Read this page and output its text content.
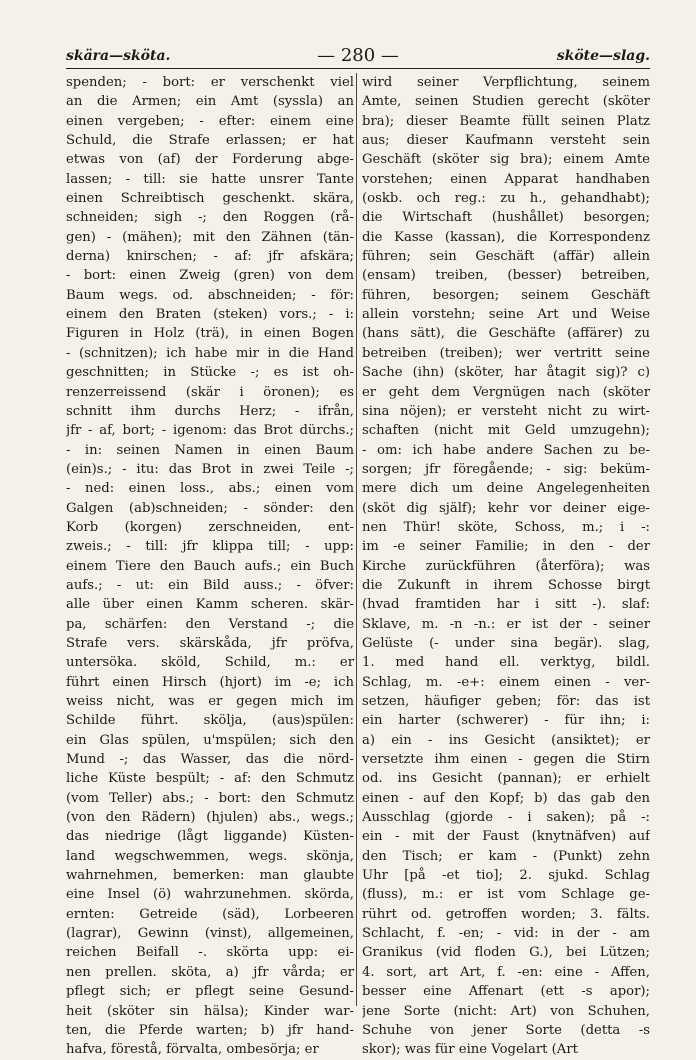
skära—sköta.	— 280 —	sköte—slag.
spenden; - bort: er verschenkt viel
an die Armen; ein Amt (syssla) an
einen vergeben; - efter: einem eine
Schuld, die Strafe erlassen; er hat
etwas von (af) der Forderung abge-
lassen; - till: sie hatte unsrer Tante
einen Schreibtisch geschenkt. skära,
schneiden; sigh -; den Roggen (rå-
gen) - (mähen); mit den Zähnen (tän-
derna) knirschen; - af: jfr afskära;
- bort: einen Zweig (gren) von dem
Baum wegs. od. abschneiden; - för:
einem den Braten (steken) vors.; - i:
Figuren in Holz (trä), in einen Bogen
- (schnitzen); ich habe mir in die Hand
geschnitten; in Stücke -; es ist oh-
renzerreissend (skär i öronen); es
schnitt ihm durchs Herz; - ifrån,
jfr - af, bort; - igenom: das Brot dürchs.;
- in: seinen Namen in einen Baum
(ein)s.; - itu: das Brot in zwei Teile -;
- ned: einen loss., abs.; einen vom
Galgen (ab)schneiden; - sönder: den
Korb (korgen) zerschneiden, ent-
zweis.; - till: jfr klippa till; - upp:
einem Tiere den Bauch aufs.; ein Buch
aufs.; - ut: ein Bild auss.; - öfver:
alle über einen Kamm scheren. skär-
pa, schärfen: den Verstand -; die
Strafe vers. skärskåda, jfr pröfva,
untersöka. sköld, Schild, m.: er
führt einen Hirsch (hjort) im -e; ich
weiss nicht, was er gegen mich im
Schilde führt. skölja, (aus)spülen:
ein Glas spülen, u'mspülen; sich den
Mund -; das Wasser, das die nörd-
liche Küste bespült; - af: den Schmutz
(vom Teller) abs.; - bort: den Schmutz
(von den Rädern) (hjulen) abs., wegs.;
das niedrige (lågt liggande) Küsten-
land wegschwemmen, wegs. skönja,
wahrnehmen, bemerken: man glaubte
eine Insel (ö) wahrzunehmen. skörda,
ernten: Getreide (säd), Lorbeeren
(lagrar), Gewinn (vinst), allgemeinen,
reichen Beifall -. skörta upp: ei-
nen prellen. sköta, a) jfr vårda; er
pflegt sich; er pflegt seine Gesund-
heit (sköter sin hälsa); Kinder war-
ten, die Pferde warten; b) jfr hand-
hafva, förestå, förvalta, ombesörja; er
wird seiner Verpflichtung, seinem
Amte, seinen Studien gerecht (sköter
bra); dieser Beamte füllt seinen Platz
aus; dieser Kaufmann versteht sein
Geschäft (sköter sig bra); einem Amte
vorstehen; einen Apparat handhaben
(oskb. och reg.: zu h., gehandhabt);
die Wirtschaft (hushållet) besorgen;
die Kasse (kassan), die Korrespondenz
führen; sein Geschäft (affär) allein
(ensam) treiben, (besser) betreiben,
führen, besorgen; seinem Geschäft
allein vorstehn; seine Art und Weise
(hans sätt), die Geschäfte (affärer) zu
betreiben (treiben); wer vertritt seine
Sache (ihn) (sköter, har åtagit sig)? c)
er geht dem Vergnügen nach (sköter
sina nöjen); er versteht nicht zu wirt-
schaften (nicht mit Geld umzugehn);
- om: ich habe andere Sachen zu be-
sorgen; jfr föregående; - sig: beküm-
mere dich um deine Angelegenheiten
(sköt dig själf); kehr vor deiner eige-
nen Thür! sköte, Schoss, m.; i -:
im -e seiner Familie; in den - der
Kirche zurückführen (återföra); was
die Zukunft in ihrem Schosse birgt
(hvad framtiden har i sitt -). slaf:
Sklave, m. -n -n.: er ist der - seiner
Gelüste (- under sina begär). slag,
1. med hand ell. verktyg, bildl.
Schlag, m. -e+: einem einen - ver-
setzen, häufiger geben; för: das ist
ein harter (schwerer) - für ihn; i:
a) ein - ins Gesicht (ansiktet); er
versetzte ihm einen - gegen die Stirn
od. ins Gesicht (pannan); er erhielt
einen - auf den Kopf; b) das gab den
Ausschlag (gjorde - i saken); på -:
ein - mit der Faust (knytnäfven) auf
den Tisch; er kam - (Punkt) zehn
Uhr [på -et tio]; 2. sjukd. Schlag
(fluss), m.: er ist vom Schlage ge-
rührt od. getroffen worden; 3. fälts.
Schlacht, f. -en; - vid: in der - am
Granikus (vid floden G.), bei Lützen;
4. sort, art Art, f. -en: eine - Affen,
besser eine Affenart (ett -s apor);
jene Sorte (nicht: Art) von Schuhen,
Schuhe von jener Sorte (detta -s
skor); was für eine Vogelart (Art
